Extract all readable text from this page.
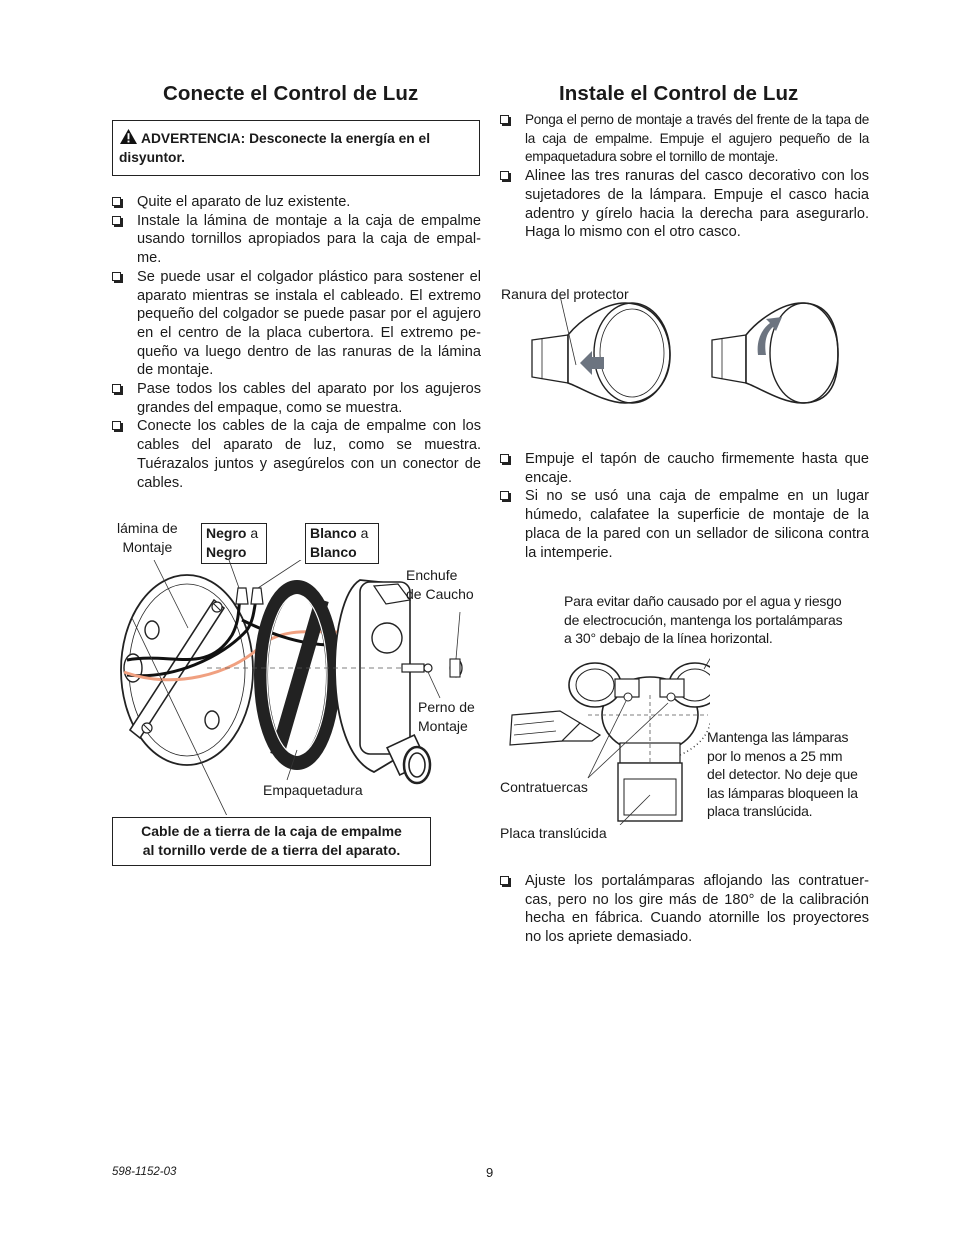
Conecte el Control de Luz
ADVERTENCIA: Desconecte la energía en el disyuntor.
Quite el aparato de luz existente.
Instale la lámina de montaje a la caja de empalme usando tornillos apropiados para la caja de empal- me.
Se puede usar el colgador plástico para sostener el aparato mientras se instala el cableado. El extremo pequeño del colgador se puede pasar por el agujero en el centro de la placa cubertora. El extremo pe- queño va luego dentro de las ranuras de la lámina de montaje.
Pase todos los cables del aparato por los agujeros grandes del empaque, como se muestra.
Conecte los cables de la caja de empalme con los cables del aparato de luz, como se muestra. Tuérazalos juntos y asegúrelos con un conector de cables.
lámina de
Montaje
Negro a
Negro
Blanco a
Blanco
Enchufe
de Caucho
Perno de
Montaje
Empaquetadura
Cable de a tierra de la caja de empalme
al tornillo verde de a tierra del aparato.
Instale el Control de Luz
Ponga el perno de montaje a través del frente de la tapa de la caja de empalme. Empuje el agujero pequeño de la empaquetadura sobre el tornillo de montaje.
Alinee las tres ranuras del casco decorativo con los sujetadores de la lámpara. Empuje el casco hacia adentro y gírelo hacia la derecha para asegurarlo. Haga lo mismo con el otro casco.
Ranura del protector
Empuje el tapón de caucho firmemente hasta que encaje.
Si no se usó una caja de empalme en un lugar húmedo, calafatee la superficie de montaje de la placa de la pared con un sellador de silicona contra la intemperie.
Para evitar daño causado por el agua y riesgo
de electrocución, mantenga los portalámparas
a 30° debajo de la línea horizontal.
Mantenga las lámparas
por lo menos a 25 mm
del detector. No deje que
las lámparas bloqueen la
placa translúcida.
Contratuercas
Placa translúcida
Ajuste los portalámparas aflojando las contratuer- cas, pero no los gire más de 180° de la calibración hecha en fábrica. Cuando atornille los proyectores no los apriete demasiado.
598-1152-03	9
